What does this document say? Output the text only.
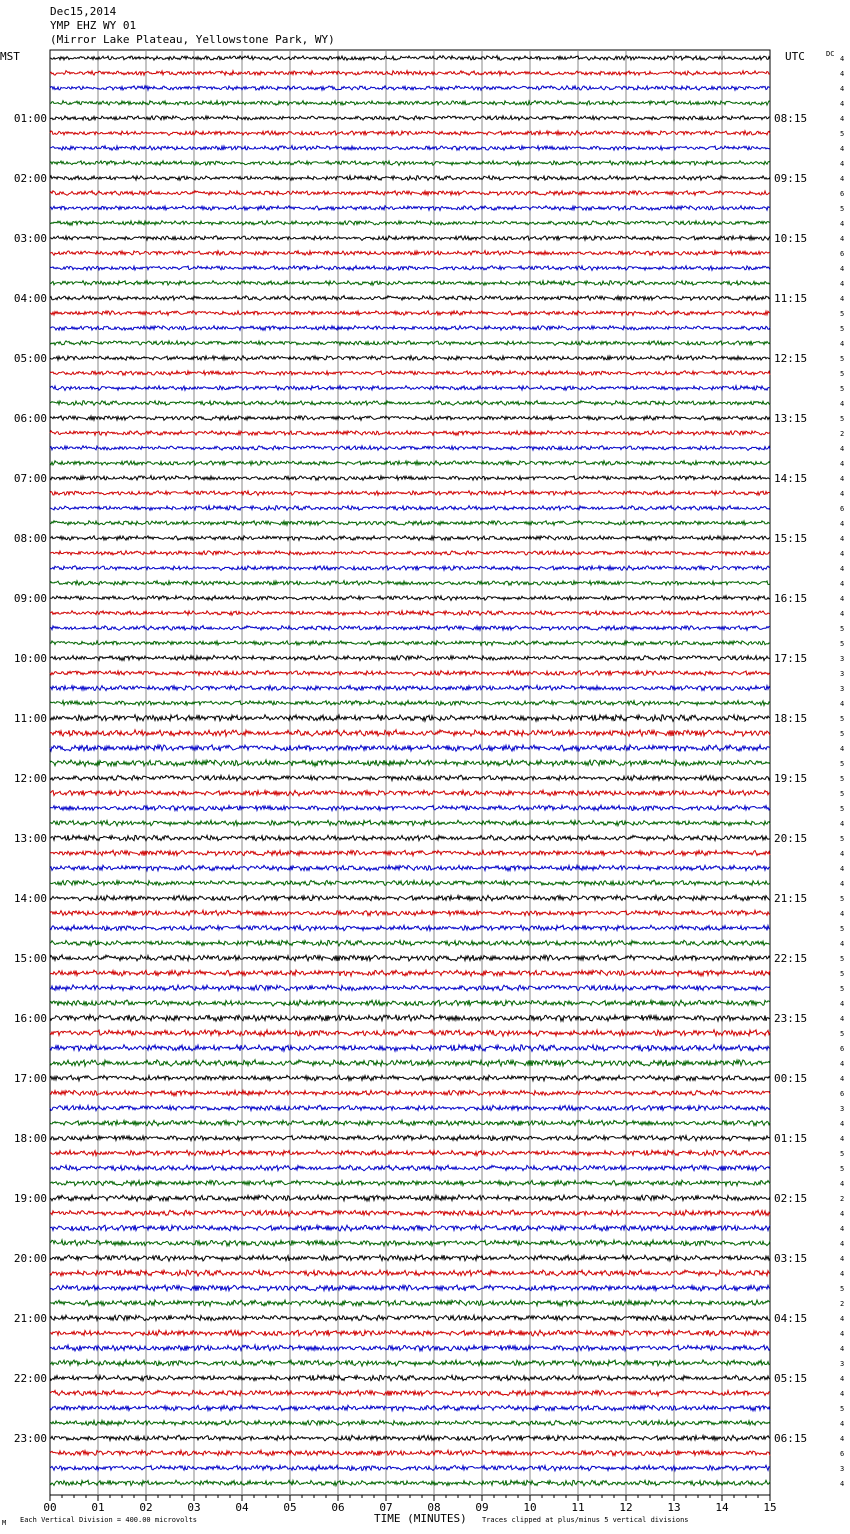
4
4
4
4
4
5
4
4
4
6
5
4
4
6
4
4
4
5
5
4
5
5
5
4
5
2
4
4
4
4
6
4
4
4
4
4
4
4
5
5
3
3
3
4
5
5
4
5
5
5
5
4
5
4
4
4
5
4
5
4
5
5
5
4
4
5
6
4
4
6
3
4
4
5
5
4
2
4
4
4
4
4
5
2
4
4
4
3
4
4
5
4
4
6
3
4
01:00	08:15
02:00	09:15
03:00	10:15
04:00	11:15
05:00	12:15
06:00	13:15
07:00	14:15
08:00	15:15
09:00	16:15
10:00	17:15
11:00	18:15
12:00	19:15
13:00	20:15
14:00	21:15
15:00	22:15
16:00	23:15
17:00	00:15
18:00	01:15
19:00	02:15
20:00	03:15
21:00	04:15
22:00	05:15
23:00	06:15
00	01	02	03	04	05	06	07	08	09	10	11	12	13	14	15
Dec15,2014
YMP EHZ WY 01
(Mirror Lake Plateau, Yellowstone Park, WY)
MST	UTC	DC
M Each Vertical Division = 400.00 microvolts	TIME (MINUTES) Traces clipped at plus/minus 5 vertical divisions
